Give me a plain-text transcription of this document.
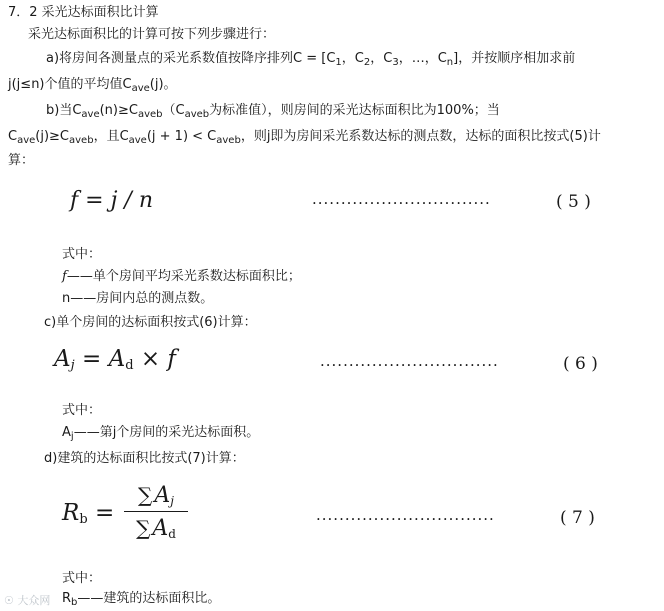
7．2 采光达标面积比计算
采光达标面积比的计算可按下列步骤进行：
a)将房间各测量点的采光系数值按降序排列$C = [C_1$，$C_2$，$C_3$，…，$C_n$]，并按顺序相加求前
j(j≤n)个值的平均值$C_{ave}(j)$。
b)当$C_{ave}(n)\ge C_{aveb}(C_{aveb}$为标准值），则房间的采光达标面积比为100%；当
$C_{ave}(j)\ge C_{aveb}$，且$C_{ave}(j + 1) < C_{aveb}$，则j即为房间采光系数达标的测点数，达标的面积比按式(5)计
算：
f = j / n	·······························	( 5 )
式中：
f——单个房间平均采光系数达标面积比；
n——房间内总的测点数。
c)单个房间的达标面积按式(6)计算：
$A_j = A_d \times f$	·······························	( 6 )
式中：
$A_j——$第j个房间的采光达标面积。
d)建筑的达标面积比按式(7)计算：
$R_b$ =
$\sum A_j$
$\sum A_d$
·······························	( 7 )
式中：
$R_b——$建筑的达标面积比。
☉ 大众网
